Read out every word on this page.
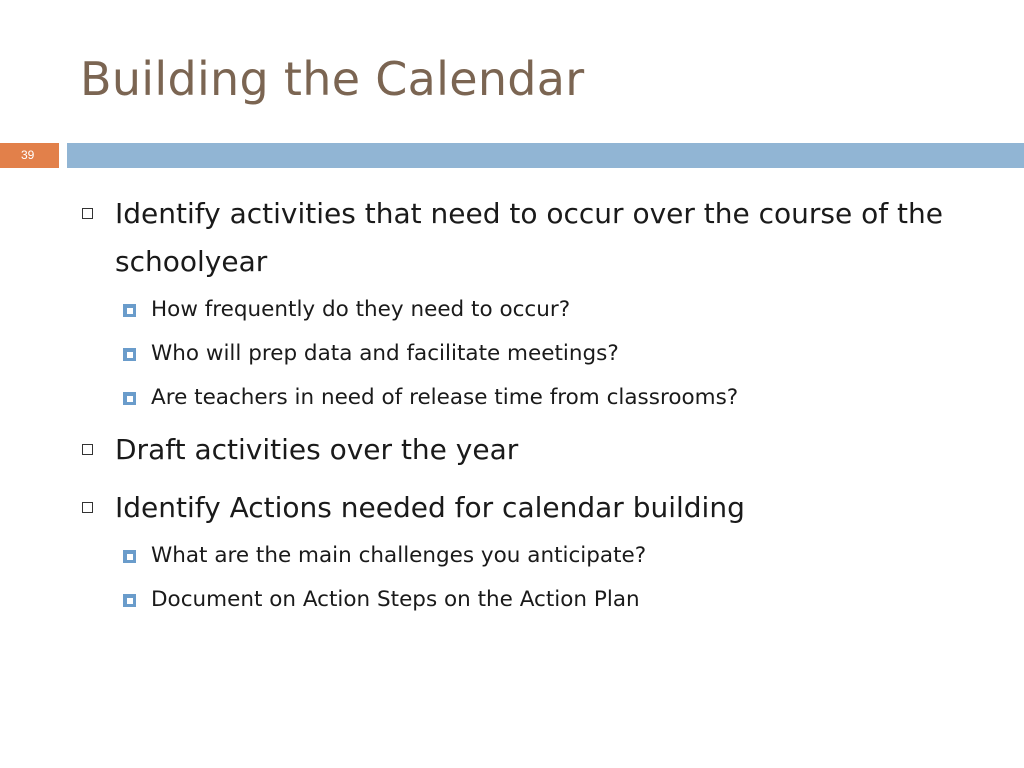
Building the Calendar
39
Identify activities that need to occur over the course of the schoolyear
How frequently do they need to occur?
Who will prep data and facilitate meetings?
Are teachers in need of release time from classrooms?
Draft activities over the year
Identify Actions needed for calendar building
What are the main challenges you anticipate?
Document on Action Steps on the Action Plan
